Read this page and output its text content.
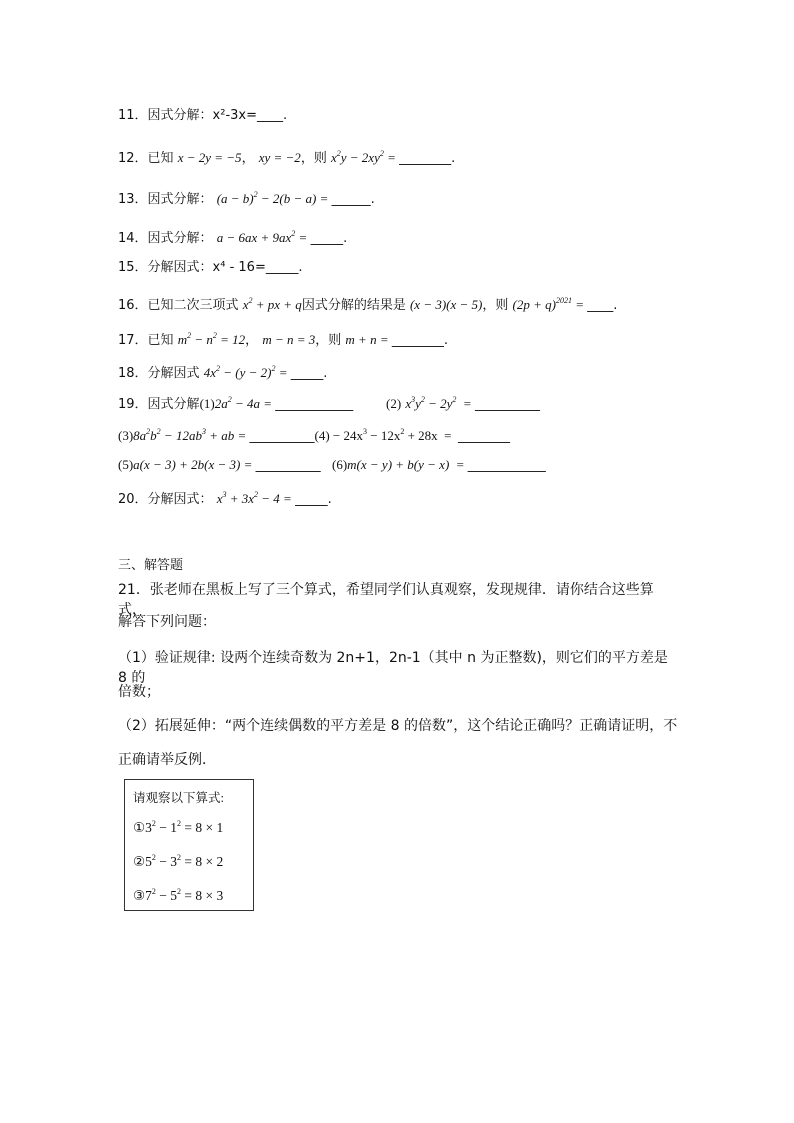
11．因式分解：x²-3x=____.
12．已知 x − 2y = −5， xy = −2，则 $x^2y - 2xy^2$ = ________.
13．因式分解： $(a - b)^2 - 2(b - a)$ = ______.
14．因式分解： $a - 6ax + 9ax^2$ = _____.
15．分解因式：x⁴ - 16=_____.
16．已知二次三项式 $x^2$ + px + q因式分解的结果是 (x − 3)(x − 5)，则 $(2p + q)^{2021}$ = ____.
17．已知 $m^2 - n^2 = 12$， m − n = 3，则 m + n = ________.
18．分解因式 $4x^2 - (y - 2)^2$ = _____.
19．因式分解$(1)2a^2 - 4a$ = ____________	(2) $x^3y^2 - 2y^2$  = __________
$(3)8a^2b^2 - 12ab^3$ + ab = __________(4) − $24x^3 - 12x^2 + 28x$  =  ________
(5)a(x − 3) + 2b(x − 3) = __________ (6)m(x − y) + b(y − x)  = ____________
20．分解因式： $x^3 + 3x^2 - 4$ = _____.
三、解答题
21．张老师在黑板上写了三个算式，希望同学们认真观察，发现规律．请你结合这些算式，
解答下列问题：
（1）验证规律: 设两个连续奇数为 2n+1，2n-1（其中 n 为正整数)，则它们的平方差是 8 的
倍数；
（2）拓展延伸：“两个连续偶数的平方差是 8 的倍数”，这个结论正确吗？正确请证明，不
正确请举反例．
请观察以下算式:
$①3^2 - 1^2 = 8 \times 1$
$②5^2 - 3^2 = 8 \times 2$
$③7^2 - 5^2 = 8 \times 3$
